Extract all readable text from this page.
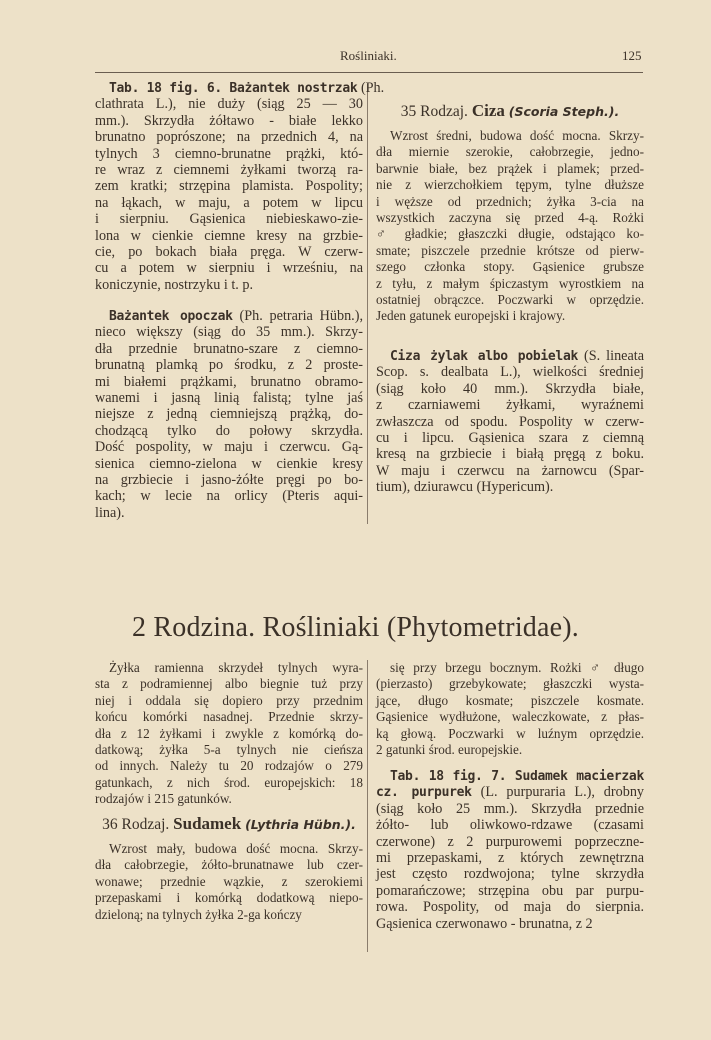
Rośliniaki.	125
Tab. 18 fig. 6. Bażantek nostrzak (Ph.
clathrata L.), nie duży (siąg 25 — 30
mm.). Skrzydła żółtawo - białe lekko
brunatno poprószone; na przednich 4, na
tylnych 3 ciemno-brunatne prążki, któ-
re wraz z ciemnemi żyłkami tworzą ra-
zem kratki; strzępina plamista. Pospolity;
na łąkach, w maju, a potem w lipcu
i sierpniu. Gąsienica niebieskawo-zie-
lona w cienkie ciemne kresy na grzbie-
cie, po bokach biała pręga. W czerw-
cu a potem w sierpniu i wrześniu, na
koniczynie, nostrzyku i t. p.
Bażantek opoczak (Ph. petraria Hübn.),
nieco większy (siąg do 35 mm.). Skrzy-
dła przednie brunatno-szare z ciemno-
brunatną plamką po środku, z 2 proste-
mi białemi prążkami, brunatno obramo-
wanemi i jasną linią falistą; tylne jaś
niejsze z jedną ciemniejszą prążką, do-
chodzącą tylko do połowy skrzydła.
Dość pospolity, w maju i czerwcu. Gą-
sienica ciemno-zielona w cienkie kresy
na grzbiecie i jasno-żółte pręgi po bo-
kach; w lecie na orlicy (Pteris aqui-
lina).
35 Rodzaj. Ciza (Scoria Steph.).
Wzrost średni, budowa dość mocna. Skrzy-
dła miernie szerokie, całobrzegie, jedno-
barwnie białe, bez prążek i plamek; przed-
nie z wierzchołkiem tępym, tylne dłuższe
i węższe od przednich; żyłka 3-cia na
wszystkich zaczyna się przed 4-ą. Rożki
♂ gładkie; głaszczki długie, odstająco ko-
smate; piszczele przednie krótsze od pierw-
szego członka stopy. Gąsienice grubsze
z tyłu, z małym śpiczastym wyrostkiem na
ostatniej obrączce. Poczwarki w oprzędzie.
Jeden gatunek europejski i krajowy.
Ciza żylak albo pobielak (S. lineata
Scop. s. dealbata L.), wielkości średniej
(siąg koło 40 mm.). Skrzydła białe,
z czarniawemi żyłkami, wyraźnemi
zwłaszcza od spodu. Pospolity w czerw-
cu i lipcu. Gąsienica szara z ciemną
kresą na grzbiecie i białą pręgą z boku.
W maju i czerwcu na żarnowcu (Spar-
tium), dziurawcu (Hypericum).
2 Rodzina. Rośliniaki (Phytometridae).
Żyłka ramienna skrzydeł tylnych wyra-
sta z podramiennej albo biegnie tuż przy
niej i oddala się dopiero przy przednim
końcu komórki nasadnej. Przednie skrzy-
dła z 12 żyłkami i zwykle z komórką do-
datkową; żyłka 5-a tylnych nie cieńsza
od innych. Należy tu 20 rodzajów o 279
gatunkach, z nich środ. europejskich: 18
rodzajów i 215 gatunków.
36 Rodzaj. Sudamek (Lythria Hübn.).
Wzrost mały, budowa dość mocna. Skrzy-
dła całobrzegie, żółto-brunatnawe lub czer-
wonawe; przednie wązkie, z szerokiemi
przepaskami i komórką dodatkową niepo-
dzieloną; na tylnych żyłka 2-ga kończy
się przy brzegu bocznym. Rożki ♂ długo
(pierzasto) grzebykowate; głaszczki wysta-
jące, długo kosmate; piszczele kosmate.
Gąsienice wydłużone, waleczkowate, z płas-
ką głową. Poczwarki w luźnym oprzędzie.
2 gatunki środ. europejskie.
Tab. 18 fig. 7. Sudamek macierzak
cz. purpurek (L. purpuraria L.), drobny
(siąg koło 25 mm.). Skrzydła przednie
żółto- lub oliwkowo-rdzawe (czasami
czerwone) z 2 purpurowemi poprzeczne-
mi przepaskami, z których zewnętrzna
jest często rozdwojona; tylne skrzydła
pomarańczowe; strzępina obu par purpu-
rowa. Pospolity, od maja do sierpnia.
Gąsienica czerwonawo - brunatna, z 2
